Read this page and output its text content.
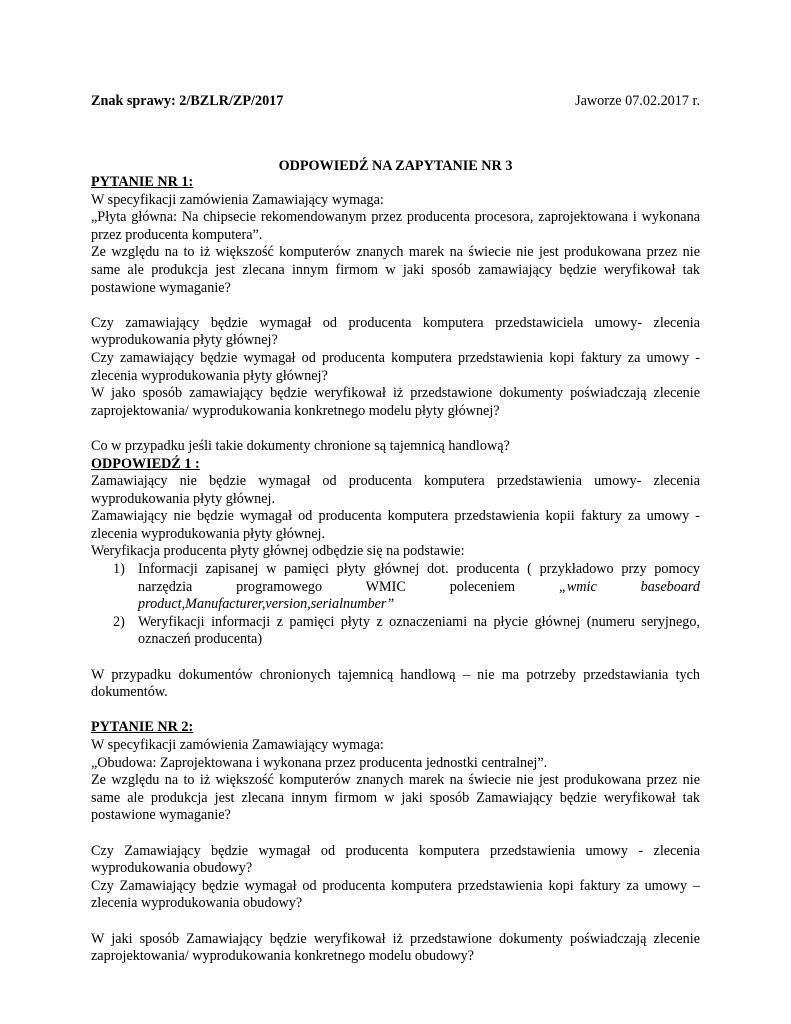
Znak sprawy: 2/BZLR/ZP/2017	Jaworze 07.02.2017 r.
ODPOWIEDŹ NA ZAPYTANIE NR 3

PYTANIE NR 1:

W specyfikacji zamówienia Zamawiający wymaga:

„Płyta główna: Na chipsecie rekomendowanym przez producenta procesora, zaprojektowana i wykonana przez producenta komputera”.

Ze względu na to iż większość komputerów znanych marek na świecie nie jest produkowana przez nie same ale produkcja jest zlecana innym firmom w jaki sposób zamawiający będzie weryfikował tak postawione wymaganie?

Czy zamawiający będzie wymagał od producenta komputera przedstawiciela umowy- zlecenia wyprodukowania płyty głównej?

Czy zamawiający będzie wymagał od producenta komputera przedstawienia kopi faktury za umowy - zlecenia wyprodukowania płyty głównej?

W jako sposób zamawiający będzie weryfikował iż przedstawione dokumenty poświadczają zlecenie zaprojektowania/ wyprodukowania konkretnego modelu płyty głównej?

Co w przypadku jeśli takie dokumenty chronione są tajemnicą handlową?

ODPOWIEDŹ 1 :

Zamawiający nie będzie wymagał od producenta komputera przedstawienia umowy- zlecenia wyprodukowania płyty głównej.

Zamawiający nie będzie wymagał od producenta komputera przedstawienia kopii faktury za umowy - zlecenia wyprodukowania płyty głównej.

Weryfikacja producenta płyty głównej odbędzie się na podstawie:

1) Informacji zapisanej w pamięci płyty głównej dot. producenta ( przykładowo przy pomocy narzędzia programowego WMIC poleceniem „wmic baseboard product,Manufacturer,version,serialnumber”
2) Weryfikacji informacji z pamięci płyty z oznaczeniami na płycie głównej (numeru seryjnego, oznaczeń producenta)

W przypadku dokumentów chronionych tajemnicą handlową – nie ma potrzeby przedstawiania tych dokumentów.

PYTANIE NR 2:

W specyfikacji zamówienia Zamawiający wymaga:

„Obudowa: Zaprojektowana i wykonana przez producenta jednostki centralnej”.

Ze względu na to iż większość komputerów znanych marek na świecie nie jest produkowana przez nie same ale produkcja jest zlecana innym firmom w jaki sposób Zamawiający będzie weryfikował tak postawione wymaganie?

Czy Zamawiający będzie wymagał od producenta komputera przedstawienia umowy - zlecenia wyprodukowania obudowy?

Czy Zamawiający będzie wymagał od producenta komputera przedstawienia kopi faktury za umowy – zlecenia wyprodukowania obudowy?

W jaki sposób Zamawiający będzie weryfikował iż przedstawione dokumenty poświadczają zlecenie zaprojektowania/ wyprodukowania konkretnego modelu obudowy?
